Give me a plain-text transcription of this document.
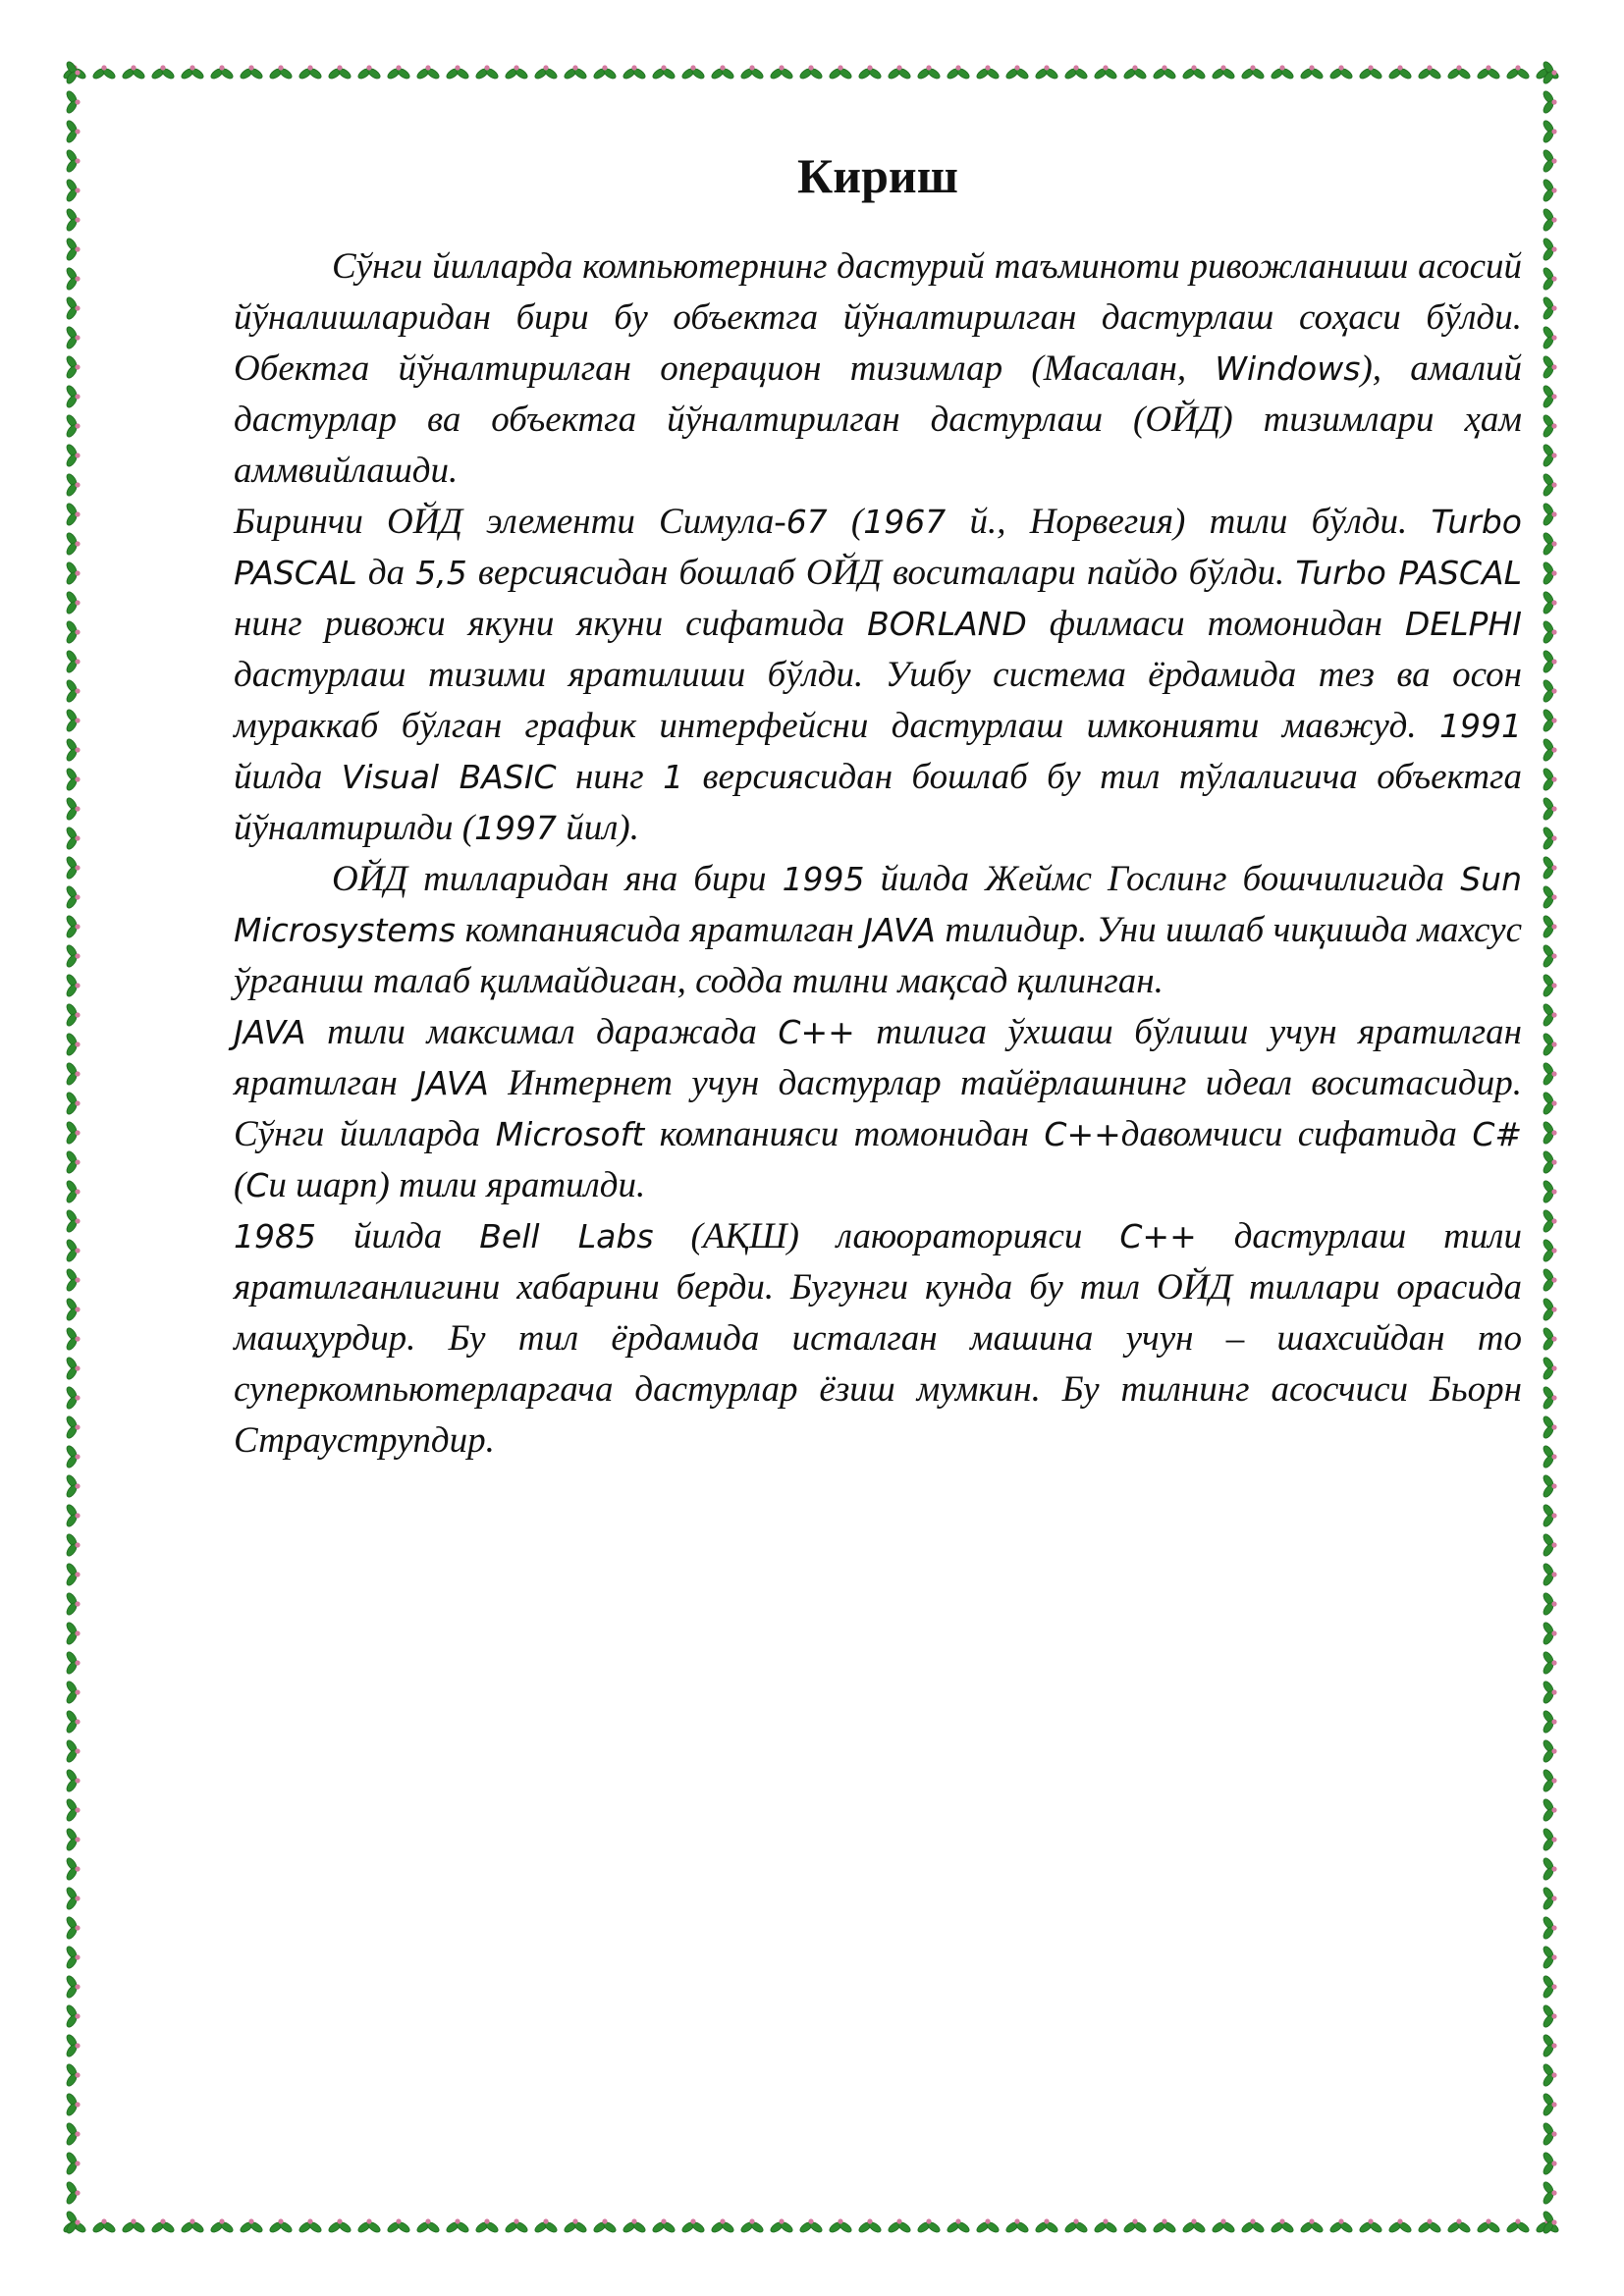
Кириш

Сўнги йилларда компьютернинг дастурий таъминоти ривожланиши асосий йўналишларидан бири бу объектга йўналтирилган дастурлаш соҳаси бўлди. Обектга йўналтирилган операцион тизимлар (Масалан, Windows), амалий дастурлар ва объектга йўналтирилган дастурлаш (ОЙД) тизимлари ҳам аммвийлашди.

Биринчи ОЙД элементи Симула-67 (1967 й., Норвегия) тили бўлди. Turbo PASCAL да 5,5 версиясидан бошлаб ОЙД воситалари пайдо бўлди. Turbo PASCAL нинг ривожи якуни якуни сифатида BORLAND филмаси томонидан DELPHI дастурлаш тизими яратилиши бўлди. Ушбу система ёрдамида тез ва осон мураккаб бўлган график интерфейсни дастурлаш имконияти мавжуд. 1991 йилда Visual BASIC нинг 1 версиясидан бошлаб бу тил тўлалигича объектга йўналтирилди (1997 йил).

ОЙД тилларидан яна бири 1995 йилда Жеймс Гослинг бошчилигида Sun Microsystems компаниясида яратилган JAVA тилидир. Уни ишлаб чиқишда махсус ўрганиш талаб қилмайдиган, содда тилни мақсад қилинган.

JAVA тили максимал даражада C++ тилига ўхшаш бўлиши учун яратилган яратилган JAVA Интернет учун дастурлар тайёрлашнинг идеал воситасидир. Сўнги йилларда Microsoft компанияси томонидан C++давомчиси сифатида C# (Cи шарп) тили яратилди.

1985 йилда Bell Labs (АҚШ) лаюораторияси C++ дастурлаш тили яратилганлигини хабарини берди. Бугунги кунда бу тил ОЙД тиллари орасида машҳурдир. Бу тил ёрдамида исталган машина учун – шахсийдан то суперкомпьютерларгача дастурлар ёзиш мумкин. Бу тилнинг асосчиси Бьорн Страуструпдир.
